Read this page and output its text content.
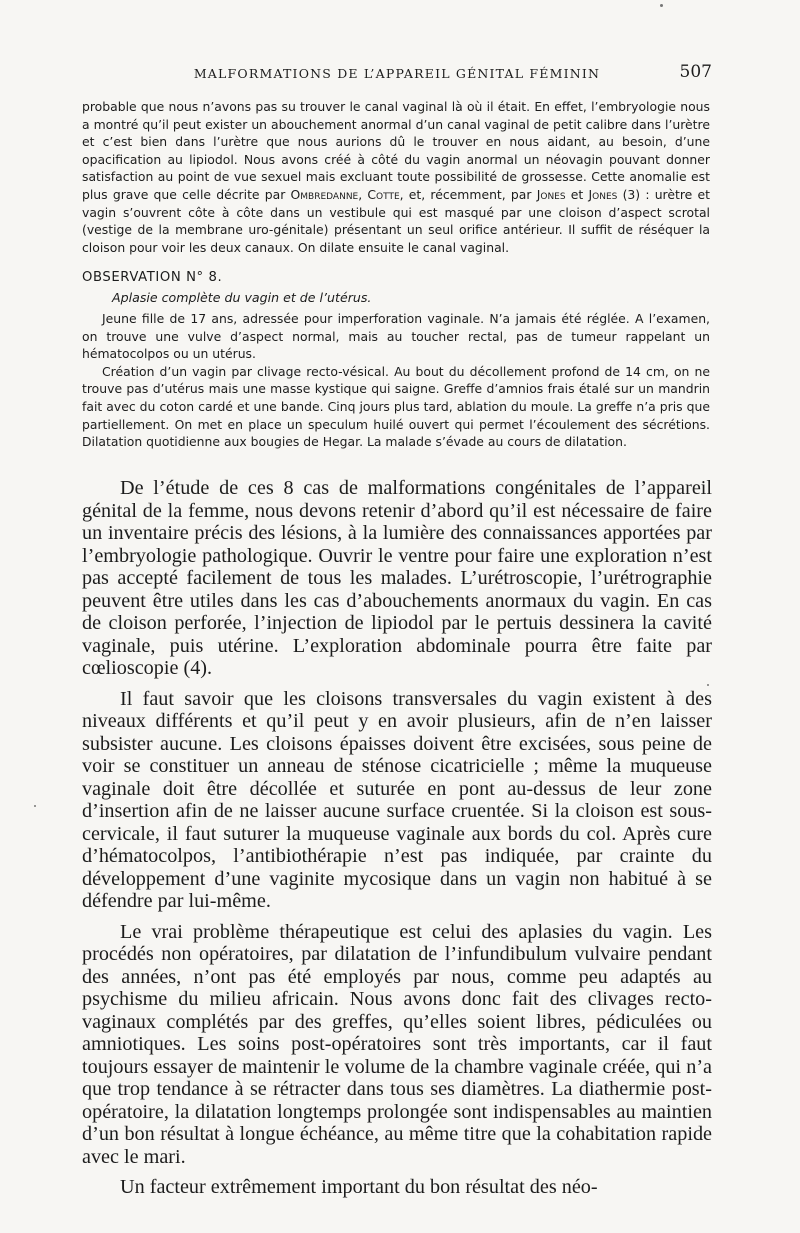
MALFORMATIONS DE L’APPAREIL GÉNITAL FÉMININ	507

probable que nous n’avons pas su trouver le canal vaginal là où il était. En effet, l’embryologie nous a montré qu’il peut exister un abouchement anormal d’un canal vaginal de petit calibre dans l’urètre et c’est bien dans l’urètre que nous aurions dû le trouver en nous aidant, au besoin, d’une opacification au lipiodol. Nous avons créé à côté du vagin anormal un néovagin pouvant donner satisfaction au point de vue sexuel mais excluant toute possibilité de grossesse. Cette anomalie est plus grave que celle décrite par Ombredanne, Cotte, et, récemment, par Jones et Jones (3) : urètre et vagin s’ouvrent côte à côte dans un vestibule qui est masqué par une cloison d’aspect scrotal (vestige de la membrane uro-génitale) présentant un seul orifice antérieur. Il suffit de réséquer la cloison pour voir les deux canaux. On dilate ensuite le canal vaginal.

OBSERVATION N° 8.
Aplasie complète du vagin et de l’utérus.

Jeune fille de 17 ans, adressée pour imperforation vaginale. N’a jamais été réglée. A l’examen, on trouve une vulve d’aspect normal, mais au toucher rectal, pas de tumeur rappelant un hématocolpos ou un utérus.

Création d’un vagin par clivage recto-vésical. Au bout du décollement profond de 14 cm, on ne trouve pas d’utérus mais une masse kystique qui saigne. Greffe d’amnios frais étalé sur un mandrin fait avec du coton cardé et une bande. Cinq jours plus tard, ablation du moule. La greffe n’a pris que partiellement. On met en place un speculum huilé ouvert qui permet l’écoulement des sécrétions. Dilatation quotidienne aux bougies de Hegar. La malade s’évade au cours de dilatation.

De l’étude de ces 8 cas de malformations congénitales de l’appareil génital de la femme, nous devons retenir d’abord qu’il est nécessaire de faire un inventaire précis des lésions, à la lumière des connaissances apportées par l’embryologie pathologique. Ouvrir le ventre pour faire une exploration n’est pas accepté facilement de tous les malades. L’urétroscopie, l’urétrographie peuvent être utiles dans les cas d’abouchements anormaux du vagin. En cas de cloison perforée, l’injection de lipiodol par le pertuis dessinera la cavité vaginale, puis utérine. L’exploration abdominale pourra être faite par cœlioscopie (4).

Il faut savoir que les cloisons transversales du vagin existent à des niveaux différents et qu’il peut y en avoir plusieurs, afin de n’en laisser subsister aucune. Les cloisons épaisses doivent être excisées, sous peine de voir se constituer un anneau de sténose cicatricielle ; même la muqueuse vaginale doit être décollée et suturée en pont au-dessus de leur zone d’insertion afin de ne laisser aucune surface cruentée. Si la cloison est sous-cervicale, il faut suturer la muqueuse vaginale aux bords du col. Après cure d’hématocolpos, l’antibiothérapie n’est pas indiquée, par crainte du développement d’une vaginite mycosique dans un vagin non habitué à se défendre par lui-même.

Le vrai problème thérapeutique est celui des aplasies du vagin. Les procédés non opératoires, par dilatation de l’infundibulum vulvaire pendant des années, n’ont pas été employés par nous, comme peu adaptés au psychisme du milieu africain. Nous avons donc fait des clivages recto-vaginaux complétés par des greffes, qu’elles soient libres, pédiculées ou amniotiques. Les soins post-opératoires sont très importants, car il faut toujours essayer de maintenir le volume de la chambre vaginale créée, qui n’a que trop tendance à se rétracter dans tous ses diamètres. La diathermie post-opératoire, la dilatation longtemps prolongée sont indispensables au maintien d’un bon résultat à longue échéance, au même titre que la cohabitation rapide avec le mari.

Un facteur extrêmement important du bon résultat des néo-
